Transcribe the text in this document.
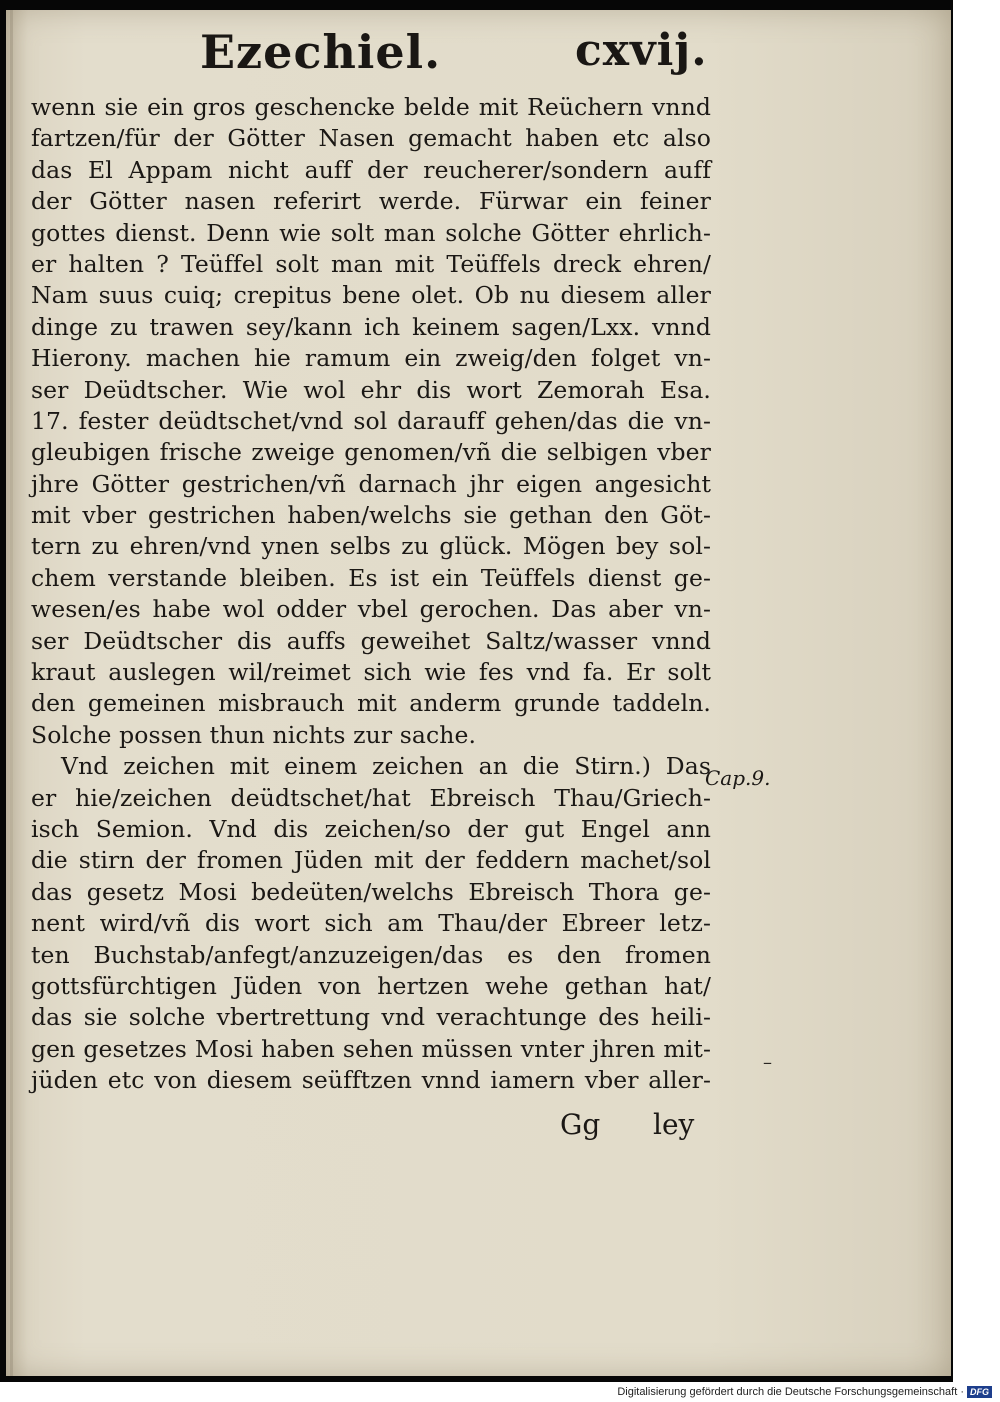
Ezechiel.	cxvij.
wenn sie ein gros geschencke belde mit Reüchern vnnd
fartzen/für der Götter Nasen gemacht haben etc also
das El Appam nicht auff der reucherer/sondern auff
der Götter nasen referirt werde. Fürwar ein feiner
gottes dienst. Denn wie solt man solche Götter ehrlich-
er halten ? Teüffel solt man mit Teüffels dreck ehren/
Nam suus cuiq; crepitus bene olet. Ob nu diesem aller
dinge zu trawen sey/kann ich keinem sagen/Lxx. vnnd
Hierony. machen hie ramum ein zweig/den folget vn-
ser Deüdtscher. Wie wol ehr dis wort Zemorah Esa.
17. fester deüdtschet/vnd sol darauff gehen/das die vn-
gleubigen frische zweige genomen/vñ die selbigen vber
jhre Götter gestrichen/vñ darnach jhr eigen angesicht
mit vber gestrichen haben/welchs sie gethan den Göt-
tern zu ehren/vnd ynen selbs zu glück. Mögen bey sol-
chem verstande bleiben. Es ist ein Teüffels dienst ge-
wesen/es habe wol odder vbel gerochen. Das aber vn-
ser Deüdtscher dis auffs geweihet Saltz/wasser vnnd
kraut auslegen wil/reimet sich wie fes vnd fa. Er solt
den gemeinen misbrauch mit anderm grunde taddeln.
Solche possen thun nichts zur sache.
Vnd zeichen mit einem zeichen an die Stirn.) Das
er hie/zeichen deüdtschet/hat Ebreisch Thau/Griech-
isch Semion. Vnd dis zeichen/so der gut Engel ann
die stirn der fromen Jüden mit der feddern machet/sol
das gesetz Mosi bedeüten/welchs Ebreisch Thora ge-
nent wird/vñ dis wort sich am Thau/der Ebreer letz-
ten Buchstab/anfegt/anzuzeigen/das es den fromen
gottsfürchtigen Jüden von hertzen wehe gethan hat/
das sie solche vbertrettung vnd verachtunge des heili-
gen gesetzes Mosi haben sehen müssen vnter jhren mit-
jüden etc von diesem seüfftzen vnnd iamern vber aller-
Cap.9.
–
Gg ley
Digitalisierung gefördert durch die Deutsche Forschungsgemeinschaft · DFG
